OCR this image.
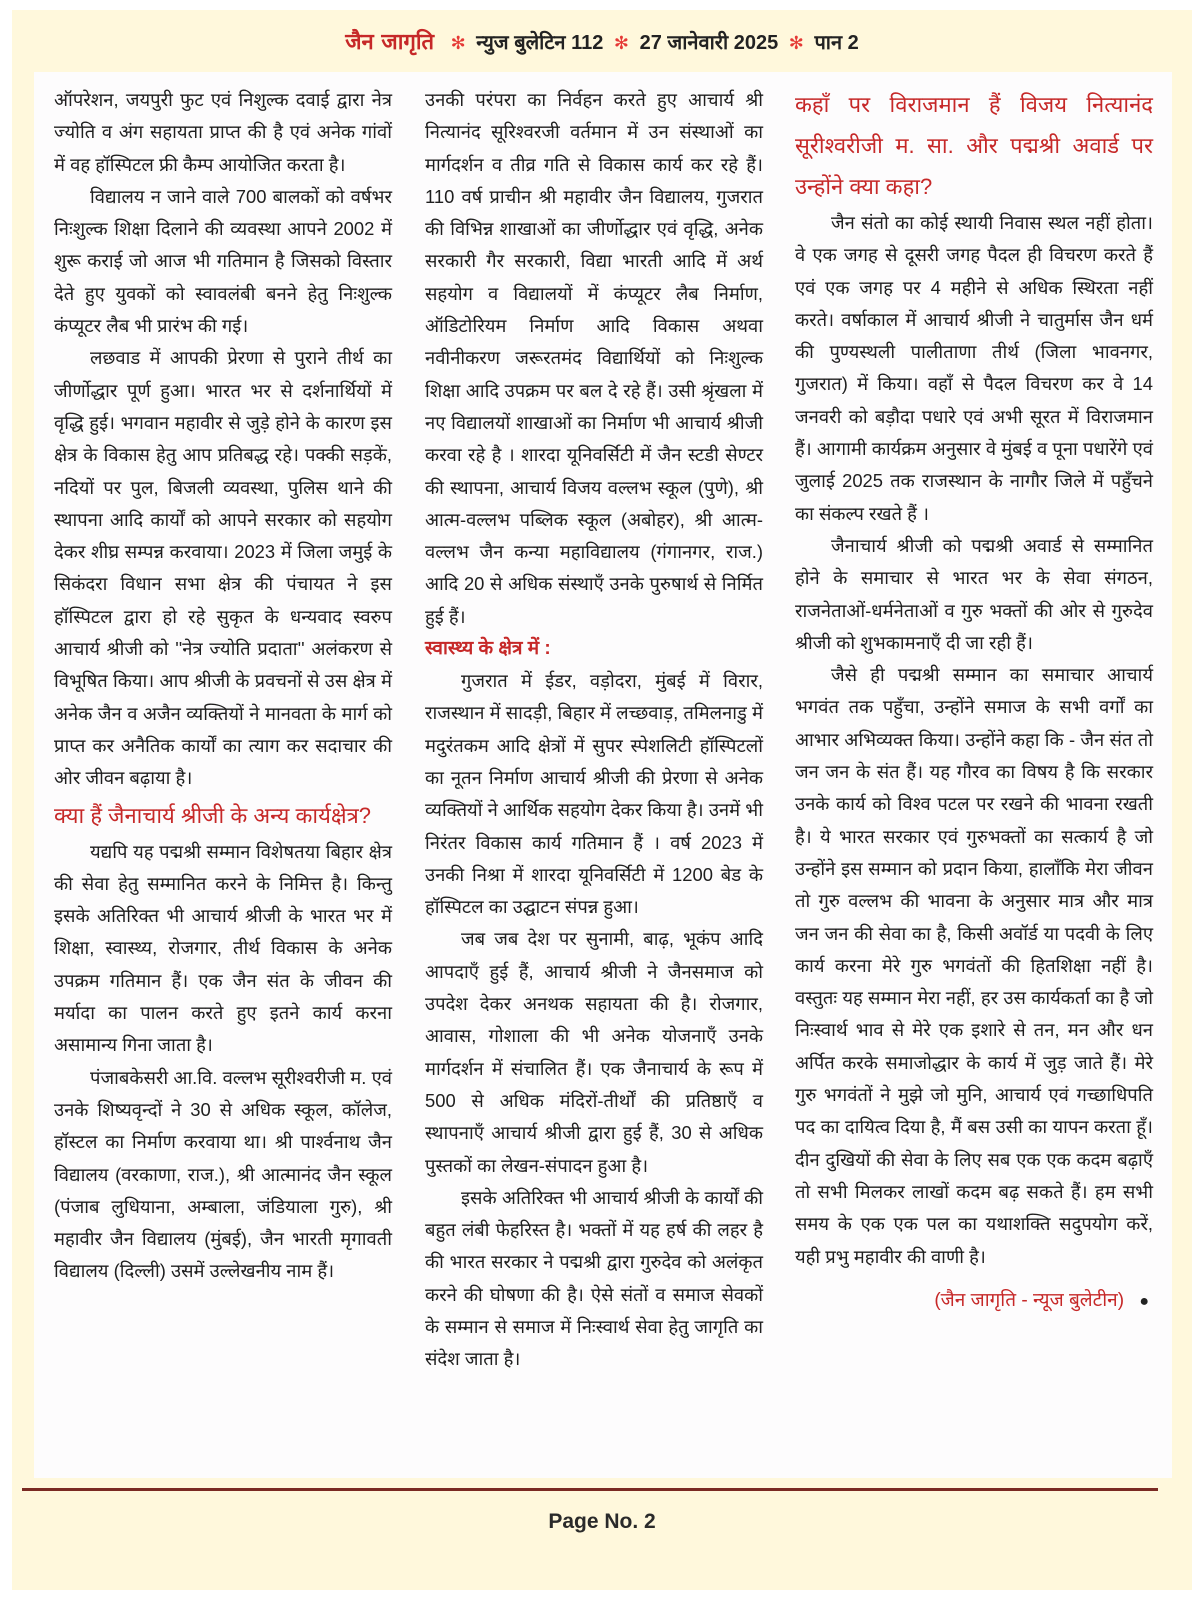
जैन जागृति ✻ न्युज बुलेटिन 112 ✻ 27 जानेवारी 2025 ✻ पान 2

ऑपरेशन, जयपुरी फुट एवं निशुल्क दवाई द्वारा नेत्र ज्योति व अंग सहायता प्राप्त की है एवं अनेक गांवों में वह हॉस्पिटल फ्री कैम्प आयोजित करता है।

विद्यालय न जाने वाले 700 बालकों को वर्षभर निःशुल्क शिक्षा दिलाने की व्यवस्था आपने 2002 में शुरू कराई जो आज भी गतिमान है जिसको विस्तार देते हुए युवकों को स्वावलंबी बनने हेतु निःशुल्क कंप्यूटर लैब भी प्रारंभ की गई।

लछवाड में आपकी प्रेरणा से पुराने तीर्थ का जीर्णोद्धार पूर्ण हुआ। भारत भर से दर्शनार्थियों में वृद्धि हुई। भगवान महावीर से जुड़े होने के कारण इस क्षेत्र के विकास हेतु आप प्रतिबद्ध रहे। पक्की सड़कें, नदियों पर पुल, बिजली व्यवस्था, पुलिस थाने की स्थापना आदि कार्यों को आपने सरकार को सहयोग देकर शीघ्र सम्पन्न करवाया। 2023 में जिला जमुई के सिकंदरा विधान सभा क्षेत्र की पंचायत ने इस हॉस्पिटल द्वारा हो रहे सुकृत के धन्यवाद स्वरुप आचार्य श्रीजी को ''नेत्र ज्योति प्रदाता'' अलंकरण से विभूषित किया। आप श्रीजी के प्रवचनों से उस क्षेत्र में अनेक जैन व अजैन व्यक्तियों ने मानवता के मार्ग को प्राप्त कर अनैतिक कार्यों का त्याग कर सदाचार की ओर जीवन बढ़ाया है।

क्या हैं जैनाचार्य श्रीजी के अन्य कार्यक्षेत्र?

यद्यपि यह पद्मश्री सम्मान विशेषतया बिहार क्षेत्र की सेवा हेतु सम्मानित करने के निमित्त है। किन्तु इसके अतिरिक्त भी आचार्य श्रीजी के भारत भर में शिक्षा, स्वास्थ्य, रोजगार, तीर्थ विकास के अनेक उपक्रम गतिमान हैं। एक जैन संत के जीवन की मर्यादा का पालन करते हुए इतने कार्य करना असामान्य गिना जाता है।

पंजाबकेसरी आ.वि. वल्लभ सूरीश्वरीजी म. एवं उनके शिष्यवृन्दों ने 30 से अधिक स्कूल, कॉलेज, हॉस्टल का निर्माण करवाया था। श्री पार्श्वनाथ जैन विद्यालय (वरकाणा, राज.), श्री आत्मानंद जैन स्कूल (पंजाब लुधियाना, अम्बाला, जंडियाला गुरु), श्री महावीर जैन विद्यालय (मुंबई), जैन भारती मृगावती विद्यालय (दिल्ली) उसमें उल्लेखनीय नाम हैं।

उनकी परंपरा का निर्वहन करते हुए आचार्य श्री नित्यानंद सूरिश्वरजी वर्तमान में उन संस्थाओं का मार्गदर्शन व तीव्र गति से विकास कार्य कर रहे हैं। 110 वर्ष प्राचीन श्री महावीर जैन विद्यालय, गुजरात की विभिन्न शाखाओं का जीर्णोद्धार एवं वृद्धि, अनेक सरकारी गैर सरकारी, विद्या भारती आदि में अर्थ सहयोग व विद्यालयों में कंप्यूटर लैब निर्माण, ऑडिटोरियम निर्माण आदि विकास अथवा नवीनीकरण जरूरतमंद विद्यार्थियों को निःशुल्क शिक्षा आदि उपक्रम पर बल दे रहे हैं। उसी श्रृंखला में नए विद्यालयों शाखाओं का निर्माण भी आचार्य श्रीजी करवा रहे है । शारदा यूनिवर्सिटी में जैन स्टडी सेण्टर की स्थापना, आचार्य विजय वल्लभ स्कूल (पुणे), श्री आत्म-वल्लभ पब्लिक स्कूल (अबोहर), श्री आत्म-वल्लभ जैन कन्या महाविद्यालय (गंगानगर, राज.) आदि 20 से अधिक संस्थाएँ उनके पुरुषार्थ से निर्मित हुई हैं।

स्वास्थ्य के क्षेत्र में :

गुजरात में ईडर, वड़ोदरा, मुंबई में विरार, राजस्थान में सादड़ी, बिहार में लच्छवाड़, तमिलनाडु में मदुरंतकम आदि क्षेत्रों में सुपर स्पेशलिटी हॉस्पिटलों का नूतन निर्माण आचार्य श्रीजी की प्रेरणा से अनेक व्यक्तियों ने आर्थिक सहयोग देकर किया है। उनमें भी निरंतर विकास कार्य गतिमान हैं । वर्ष 2023 में उनकी निश्रा में शारदा यूनिवर्सिटी में 1200 बेड के हॉस्पिटल का उद्घाटन संपन्न हुआ।

जब जब देश पर सुनामी, बाढ़, भूकंप आदि आपदाएँ हुई हैं, आचार्य श्रीजी ने जैनसमाज को उपदेश देकर अनथक सहायता की है। रोजगार, आवास, गोशाला की भी अनेक योजनाएँ उनके मार्गदर्शन में संचालित हैं। एक जैनाचार्य के रूप में 500 से अधिक मंदिरों-तीर्थों की प्रतिष्ठाएँ व स्थापनाएँ आचार्य श्रीजी द्वारा हुई हैं, 30 से अधिक पुस्तकों का लेखन-संपादन हुआ है।

इसके अतिरिक्त भी आचार्य श्रीजी के कार्यों की बहुत लंबी फेहरिस्त है। भक्तों में यह हर्ष की लहर है की भारत सरकार ने पद्मश्री द्वारा गुरुदेव को अलंकृत करने की घोषणा की है। ऐसे संतों व समाज सेवकों के सम्मान से समाज में निःस्वार्थ सेवा हेतु जागृति का संदेश जाता है।

कहाँ पर विराजमान हैं विजय नित्यानंद सूरीश्वरीजी म. सा. और पद्मश्री अवार्ड पर उन्होंने क्या कहा?

जैन संतो का कोई स्थायी निवास स्थल नहीं होता। वे एक जगह से दूसरी जगह पैदल ही विचरण करते हैं एवं एक जगह पर 4 महीने से अधिक स्थिरता नहीं करते। वर्षाकाल में आचार्य श्रीजी ने चातुर्मास जैन धर्म की पुण्यस्थली पालीताणा तीर्थ (जिला भावनगर, गुजरात) में किया। वहाँ से पैदल विचरण कर वे 14 जनवरी को बड़ौदा पधारे एवं अभी सूरत में विराजमान हैं। आगामी कार्यक्रम अनुसार वे मुंबई व पूना पधारेंगे एवं जुलाई 2025 तक राजस्थान के नागौर जिले में पहुँचने का संकल्प रखते हैं ।

जैनाचार्य श्रीजी को पद्मश्री अवार्ड से सम्मानित होने के समाचार से भारत भर के सेवा संगठन, राजनेताओं-धर्मनेताओं व गुरु भक्तों की ओर से गुरुदेव श्रीजी को शुभकामनाएँ दी जा रही हैं।

जैसे ही पद्मश्री सम्मान का समाचार आचार्य भगवंत तक पहुँचा, उन्होंने समाज के सभी वर्गों का आभार अभिव्यक्त किया। उन्होंने कहा कि - जैन संत तो जन जन के संत हैं। यह गौरव का विषय है कि सरकार उनके कार्य को विश्व पटल पर रखने की भावना रखती है। ये भारत सरकार एवं गुरुभक्तों का सत्कार्य है जो उन्होंने इस सम्मान को प्रदान किया, हालाँकि मेरा जीवन तो गुरु वल्लभ की भावना के अनुसार मात्र और मात्र जन जन की सेवा का है, किसी अवॉर्ड या पदवी के लिए कार्य करना मेरे गुरु भगवंतों की हितशिक्षा नहीं है। वस्तुतः यह सम्मान मेरा नहीं, हर उस कार्यकर्ता का है जो निःस्वार्थ भाव से मेरे एक इशारे से तन, मन और धन अर्पित करके समाजोद्धार के कार्य में जुड़ जाते हैं। मेरे गुरु भगवंतों ने मुझे जो मुनि, आचार्य एवं गच्छाधिपति पद का दायित्व दिया है, मैं बस उसी का यापन करता हूँ। दीन दुखियों की सेवा के लिए सब एक एक कदम बढ़ाएँ तो सभी मिलकर लाखों कदम बढ़ सकते हैं। हम सभी समय के एक एक पल का यथाशक्ति सदुपयोग करें, यही प्रभु महावीर की वाणी है।

(जैन जागृति - न्यूज बुलेटीन) ●
Page No. 2
